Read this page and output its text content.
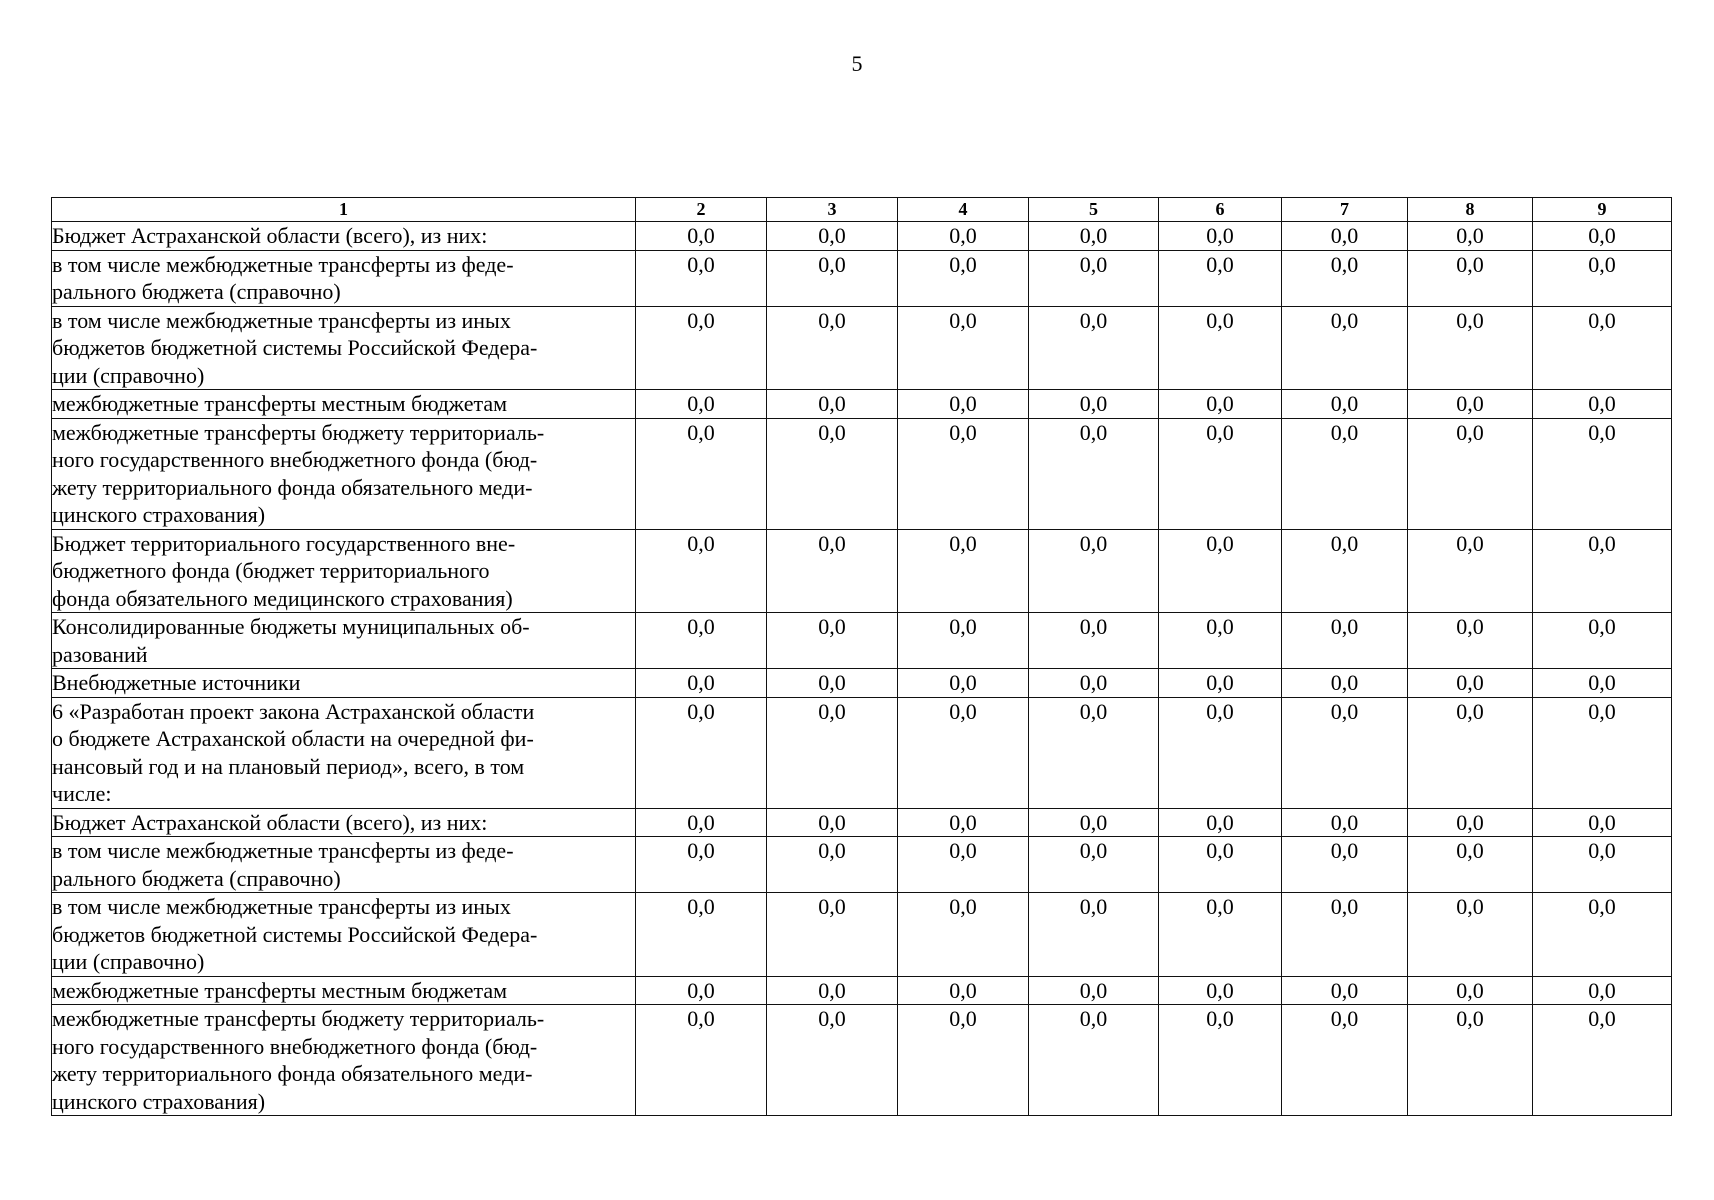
5
1	2	3	4	5	6	7	8	9

Бюджет Астраханской области (всего), из них:	0,0	0,0	0,0	0,0	0,0	0,0	0,0	0,0

в том числе межбюджетные трансферты из феде-
рального бюджета (справочно)	0,0	0,0	0,0	0,0	0,0	0,0	0,0	0,0

в том числе межбюджетные трансферты из иных
бюджетов бюджетной системы Российской Федера-
ции (справочно)	0,0	0,0	0,0	0,0	0,0	0,0	0,0	0,0

межбюджетные трансферты местным бюджетам	0,0	0,0	0,0	0,0	0,0	0,0	0,0	0,0

межбюджетные трансферты бюджету территориаль-
ного государственного внебюджетного фонда (бюд-
жету территориального фонда обязательного меди-
цинского страхования)	0,0	0,0	0,0	0,0	0,0	0,0	0,0	0,0

Бюджет территориального государственного вне-
бюджетного фонда (бюджет территориального
фонда обязательного медицинского страхования)	0,0	0,0	0,0	0,0	0,0	0,0	0,0	0,0

Консолидированные бюджеты муниципальных об-
разований	0,0	0,0	0,0	0,0	0,0	0,0	0,0	0,0

Внебюджетные источники	0,0	0,0	0,0	0,0	0,0	0,0	0,0	0,0

6 «Разработан проект закона Астраханской области
о бюджете Астраханской области на очередной фи-
нансовый год и на плановый период», всего, в том
числе:	0,0	0,0	0,0	0,0	0,0	0,0	0,0	0,0

Бюджет Астраханской области (всего), из них:	0,0	0,0	0,0	0,0	0,0	0,0	0,0	0,0

в том числе межбюджетные трансферты из феде-
рального бюджета (справочно)	0,0	0,0	0,0	0,0	0,0	0,0	0,0	0,0

в том числе межбюджетные трансферты из иных
бюджетов бюджетной системы Российской Федера-
ции (справочно)	0,0	0,0	0,0	0,0	0,0	0,0	0,0	0,0

межбюджетные трансферты местным бюджетам	0,0	0,0	0,0	0,0	0,0	0,0	0,0	0,0

межбюджетные трансферты бюджету территориаль-
ного государственного внебюджетного фонда (бюд-
жету территориального фонда обязательного меди-
цинского страхования)	0,0	0,0	0,0	0,0	0,0	0,0	0,0	0,0
